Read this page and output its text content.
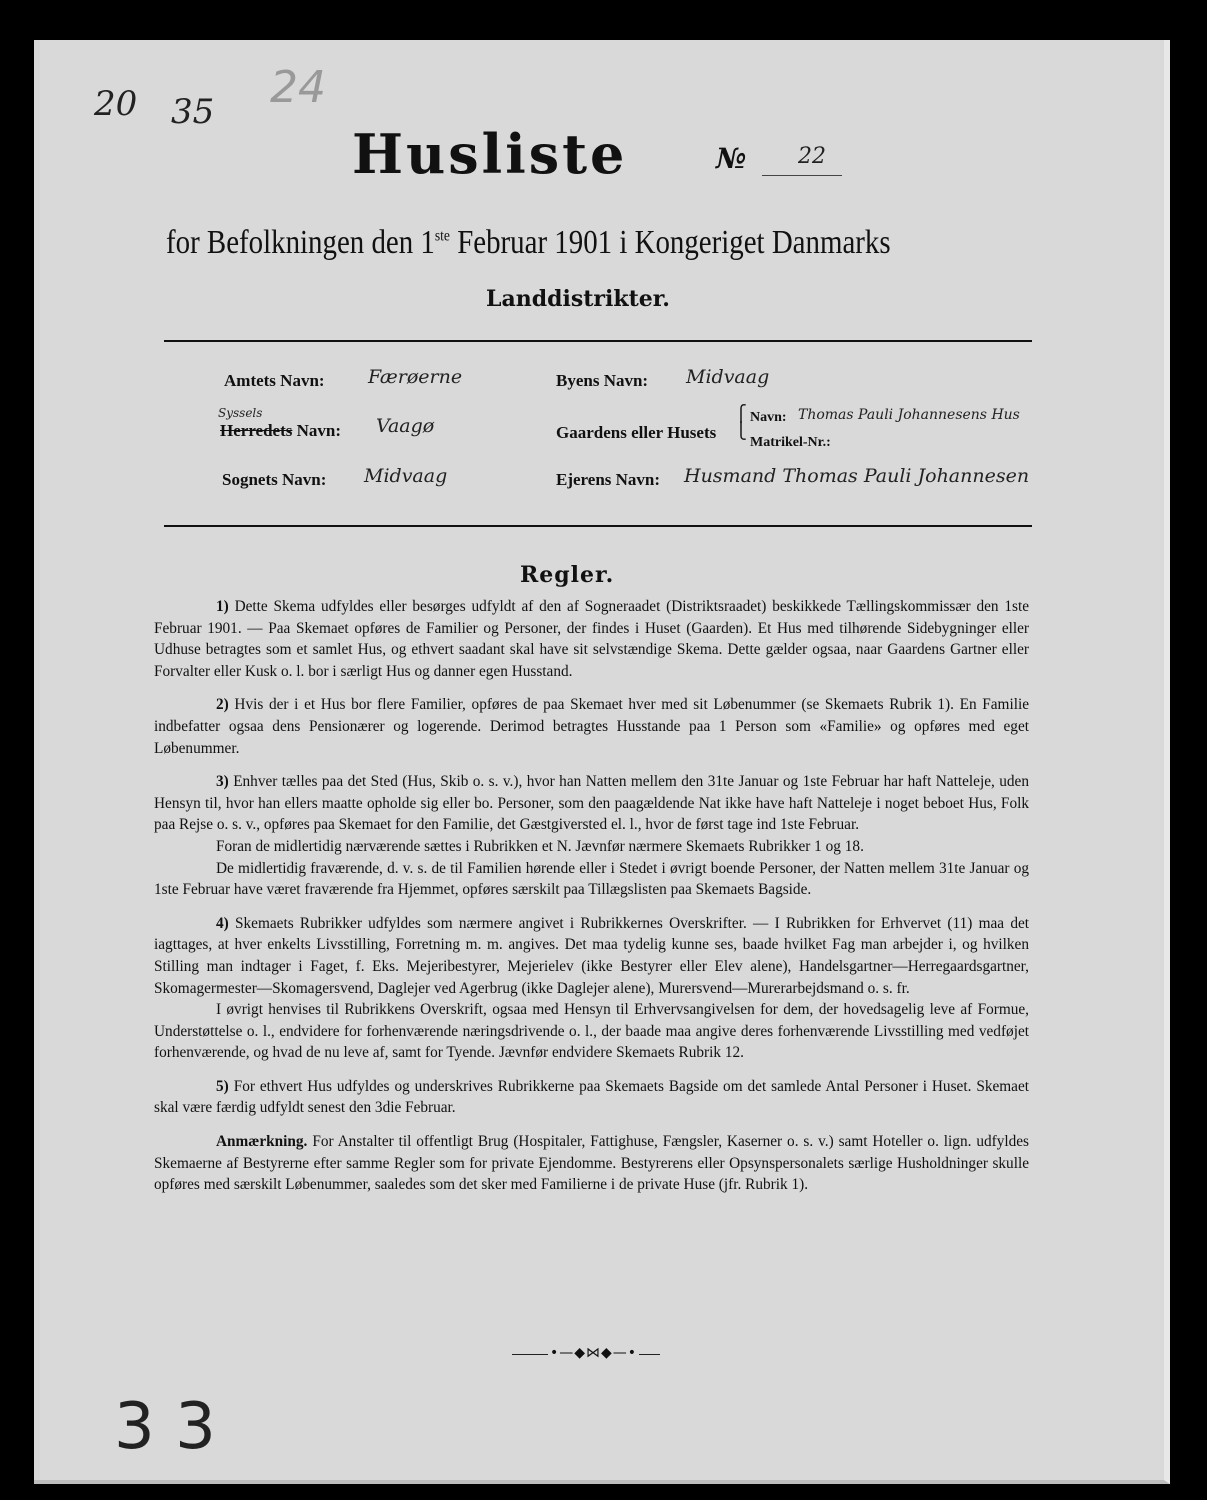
20 35 24
Husliste	№ 22
for Befolkningen den 1ste Februar 1901 i Kongeriget Danmarks
Landdistrikter.
Amtets Navn: Færøerne
Syssels
Herredets Navn: Vaagø
Sognets Navn: Midvaag
Byens Navn: Midvaag
Gaardens eller Husets
⎧
⎩
Navn: Thomas Pauli Johannesens Hus
Matrikel-Nr.:
Ejerens Navn: Husmand Thomas Pauli Johannesen
Regler.

1) Dette Skema udfyldes eller besørges udfyldt af den af Sogneraadet (Distriktsraadet) beskikkede Tællingskommissær den 1ste Februar 1901. — Paa Skemaet opføres de Familier og Personer, der findes i Huset (Gaarden). Et Hus med tilhørende Sidebygninger eller Udhuse betragtes som et samlet Hus, og ethvert saadant skal have sit selvstændige Skema. Dette gælder ogsaa, naar Gaardens Gartner eller Forvalter eller Kusk o. l. bor i særligt Hus og danner egen Husstand.

2) Hvis der i et Hus bor flere Familier, opføres de paa Skemaet hver med sit Løbenummer (se Skemaets Rubrik 1). En Familie indbefatter ogsaa dens Pensionærer og logerende. Derimod betragtes Husstande paa 1 Person som «Familie» og opføres med eget Løbenummer.

3) Enhver tælles paa det Sted (Hus, Skib o. s. v.), hvor han Natten mellem den 31te Januar og 1ste Februar har haft Natteleje, uden Hensyn til, hvor han ellers maatte opholde sig eller bo. Personer, som den paagældende Nat ikke have haft Natteleje i noget beboet Hus, Folk paa Rejse o. s. v., opføres paa Skemaet for den Familie, det Gæstgiversted el. l., hvor de først tage ind 1ste Februar.

Foran de midlertidig nærværende sættes i Rubrikken et N. Jævnfør nærmere Skemaets Rubrikker 1 og 18.

De midlertidig fraværende, d. v. s. de til Familien hørende eller i Stedet i øvrigt boende Personer, der Natten mellem 31te Januar og 1ste Februar have været fraværende fra Hjemmet, opføres særskilt paa Tillægslisten paa Skemaets Bagside.

4) Skemaets Rubrikker udfyldes som nærmere angivet i Rubrikkernes Overskrifter. — I Rubrikken for Erhvervet (11) maa det iagttages, at hver enkelts Livsstilling, Forretning m. m. angives. Det maa tydelig kunne ses, baade hvilket Fag man arbejder i, og hvilken Stilling man indtager i Faget, f. Eks. Mejeribestyrer, Mejerielev (ikke Bestyrer eller Elev alene), Handelsgartner—Herregaardsgartner, Skomagermester—Skomagersvend, Daglejer ved Agerbrug (ikke Daglejer alene), Murersvend—Murerarbejdsmand o. s. fr.

I øvrigt henvises til Rubrikkens Overskrift, ogsaa med Hensyn til Erhvervsangivelsen for dem, der hovedsagelig leve af Formue, Understøttelse o. l., endvidere for forhenværende næringsdrivende o. l., der baade maa angive deres forhenværende Livsstilling med vedføjet forhenværende, og hvad de nu leve af, samt for Tyende. Jævnfør endvidere Skemaets Rubrik 12.

5) For ethvert Hus udfyldes og underskrives Rubrikkerne paa Skemaets Bagside om det samlede Antal Personer i Huset. Skemaet skal være færdig udfyldt senest den 3die Februar.

Anmærkning. For Anstalter til offentligt Brug (Hospitaler, Fattighuse, Fængsler, Kaserner o. s. v.) samt Hoteller o. lign. udfyldes Skemaerne af Bestyrerne efter samme Regler som for private Ejendomme. Bestyrerens eller Opsynspersonalets særlige Husholdninger skulle opføres med særskilt Løbenummer, saaledes som det sker med Familierne i de private Huse (jfr. Rubrik 1).

•—◆⋈◆—•
3 3
